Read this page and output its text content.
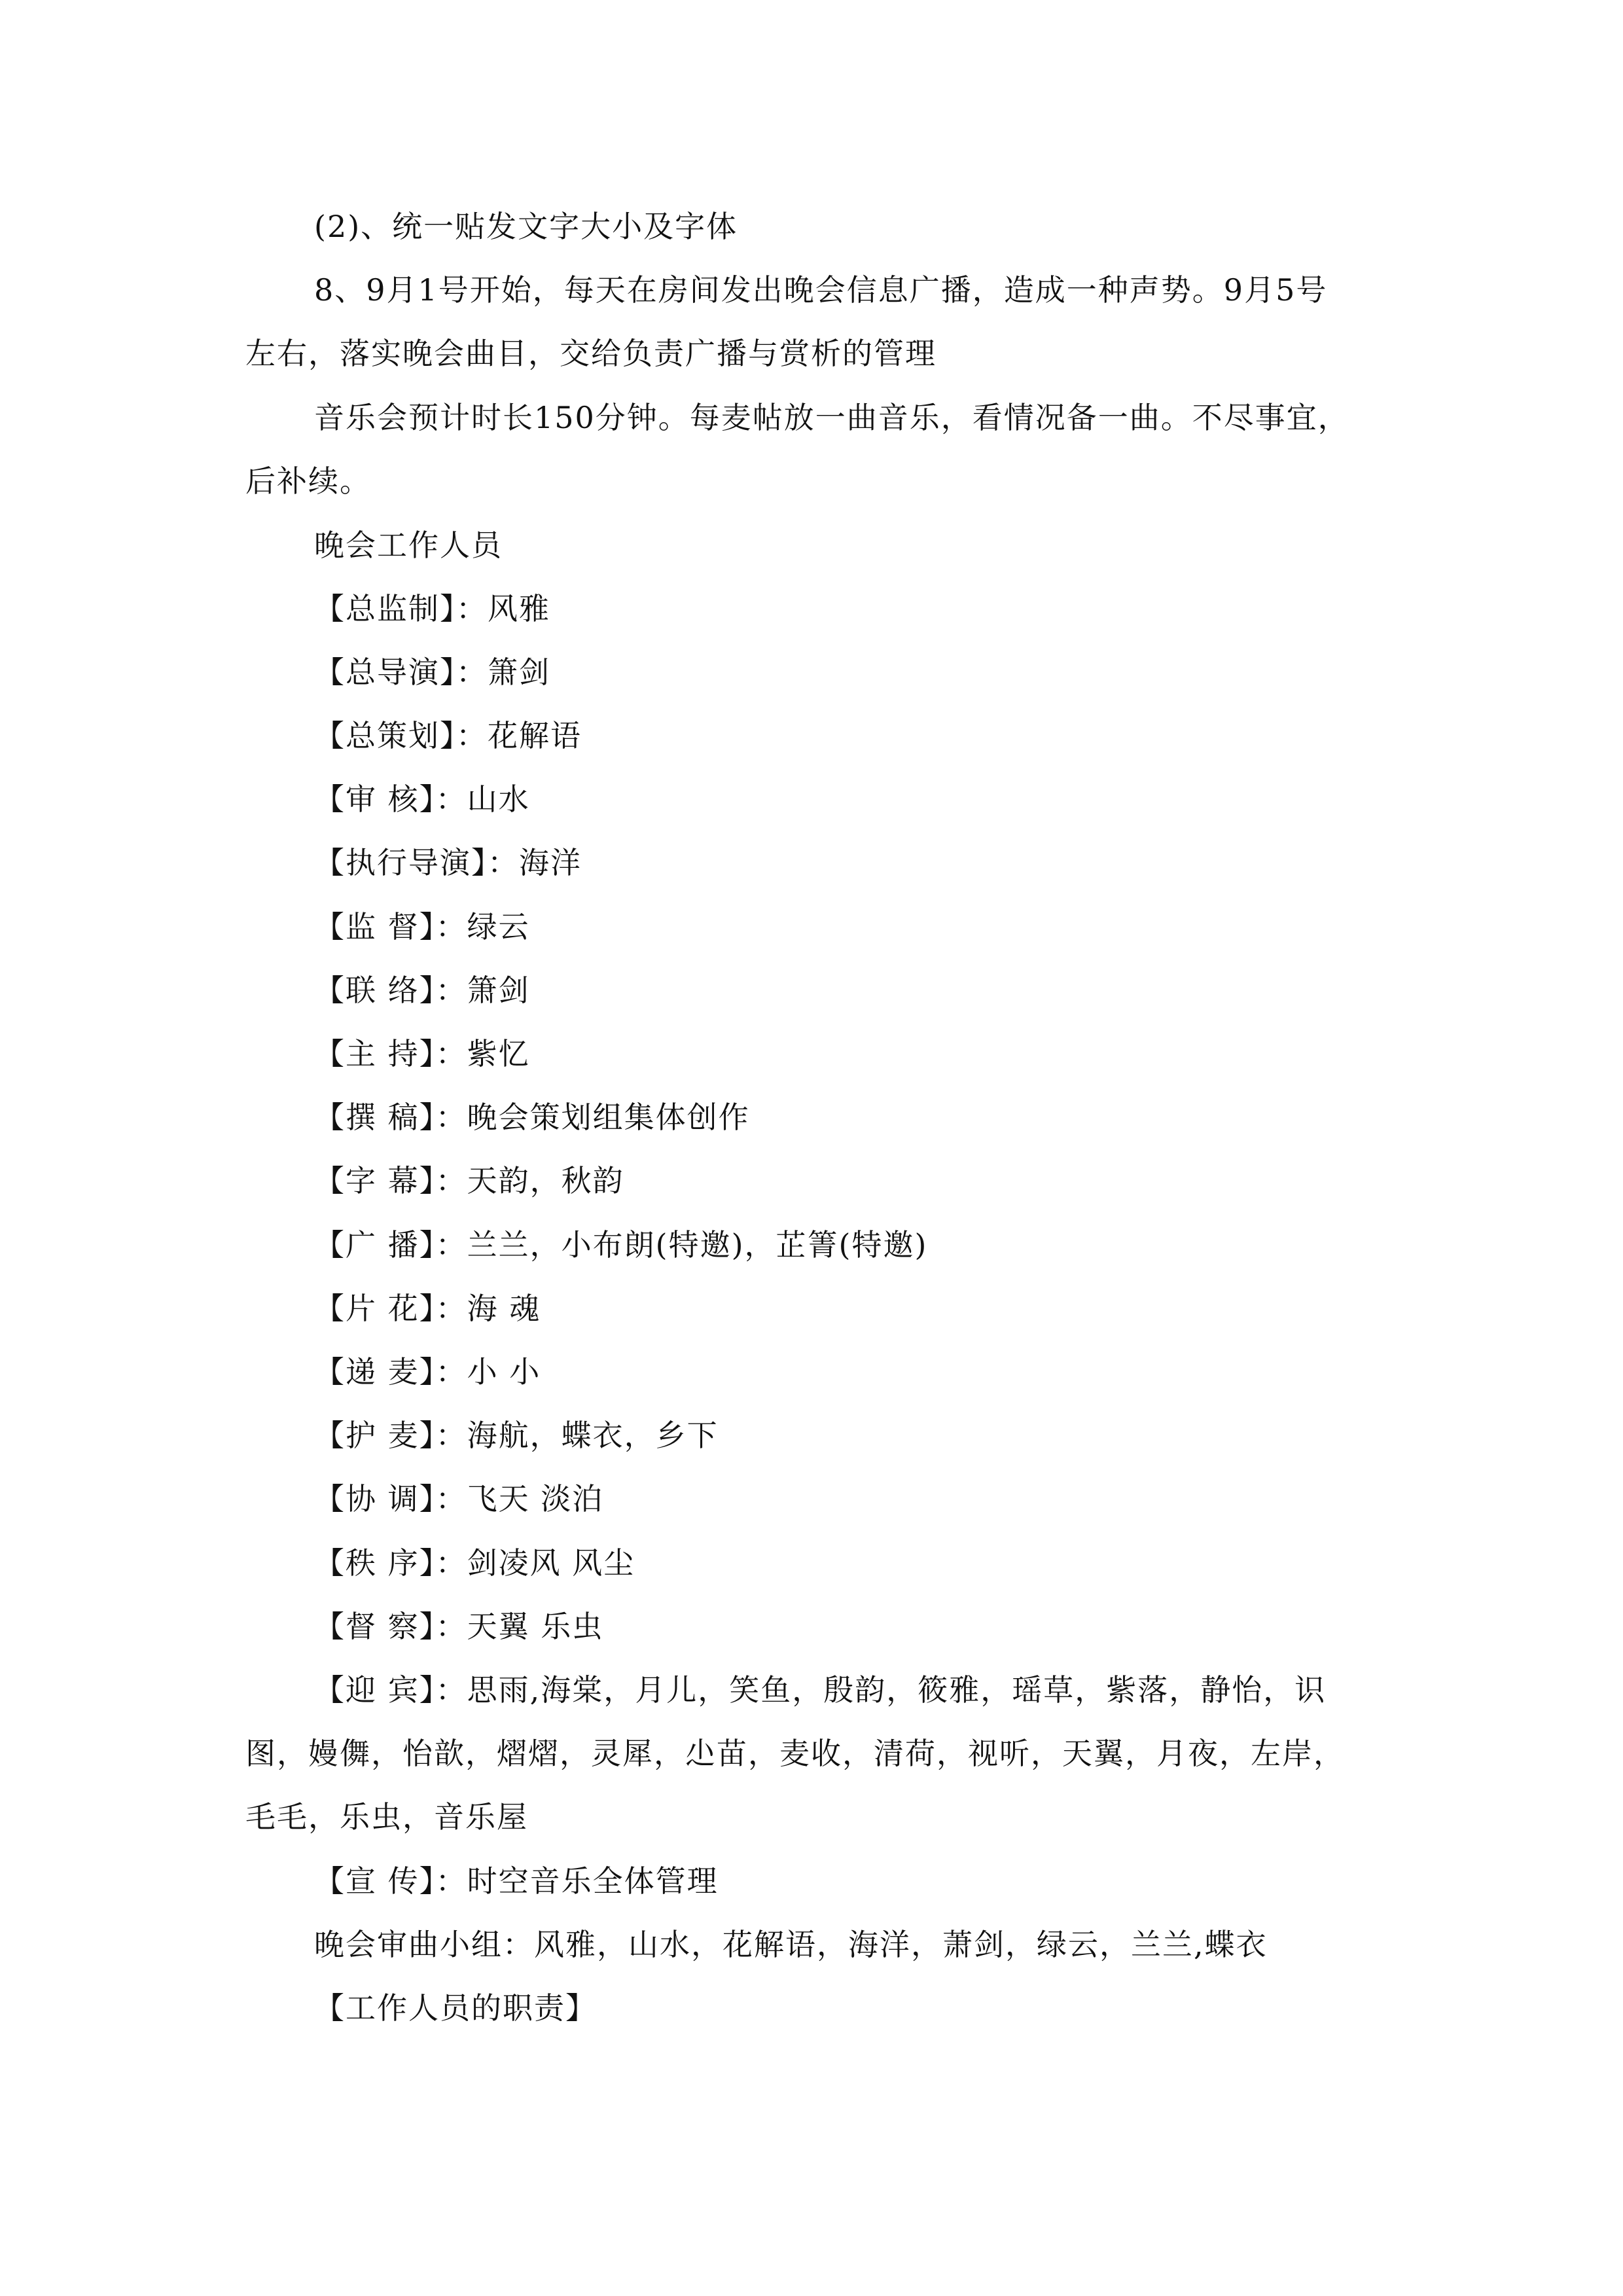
(2)、统一贴发文字大小及字体
8、9月1号开始，每天在房间发出晚会信息广播，造成一种声势。9月5号
左右，落实晚会曲目，交给负责广播与赏析的管理
音乐会预计时长150分钟。每麦帖放一曲音乐，看情况备一曲。不尽事宜，
后补续。
晚会工作人员
【总监制】：风雅
【总导演】：箫剑
【总策划】：花解语
【审 核】：山水
【执行导演】：海洋
【监 督】：绿云
【联 络】：箫剑
【主 持】：紫忆
【撰 稿】：晚会策划组集体创作
【字 幕】：天韵，秋韵
【广 播】：兰兰，小布朗(特邀)，芷箐(特邀)
【片 花】：海 魂
【递 麦】：小 小
【护 麦】：海航，蝶衣，乡下
【协 调】：飞天 淡泊
【秩 序】：剑凌风 风尘
【督 察】：天翼 乐虫
【迎 宾】：思雨,海棠，月儿，笑鱼，殷韵，筱雅，瑶草，紫落，静怡，识
图，嫚儛，怡歆，熠熠，灵犀，尐苗，麦收，清荷，视听，天翼，月夜，左岸，
毛毛，乐虫，音乐屋
【宣 传】：时空音乐全体管理
晚会审曲小组：风雅，山水，花解语，海洋，萧剑，绿云，兰兰,蝶衣
【工作人员的职责】
